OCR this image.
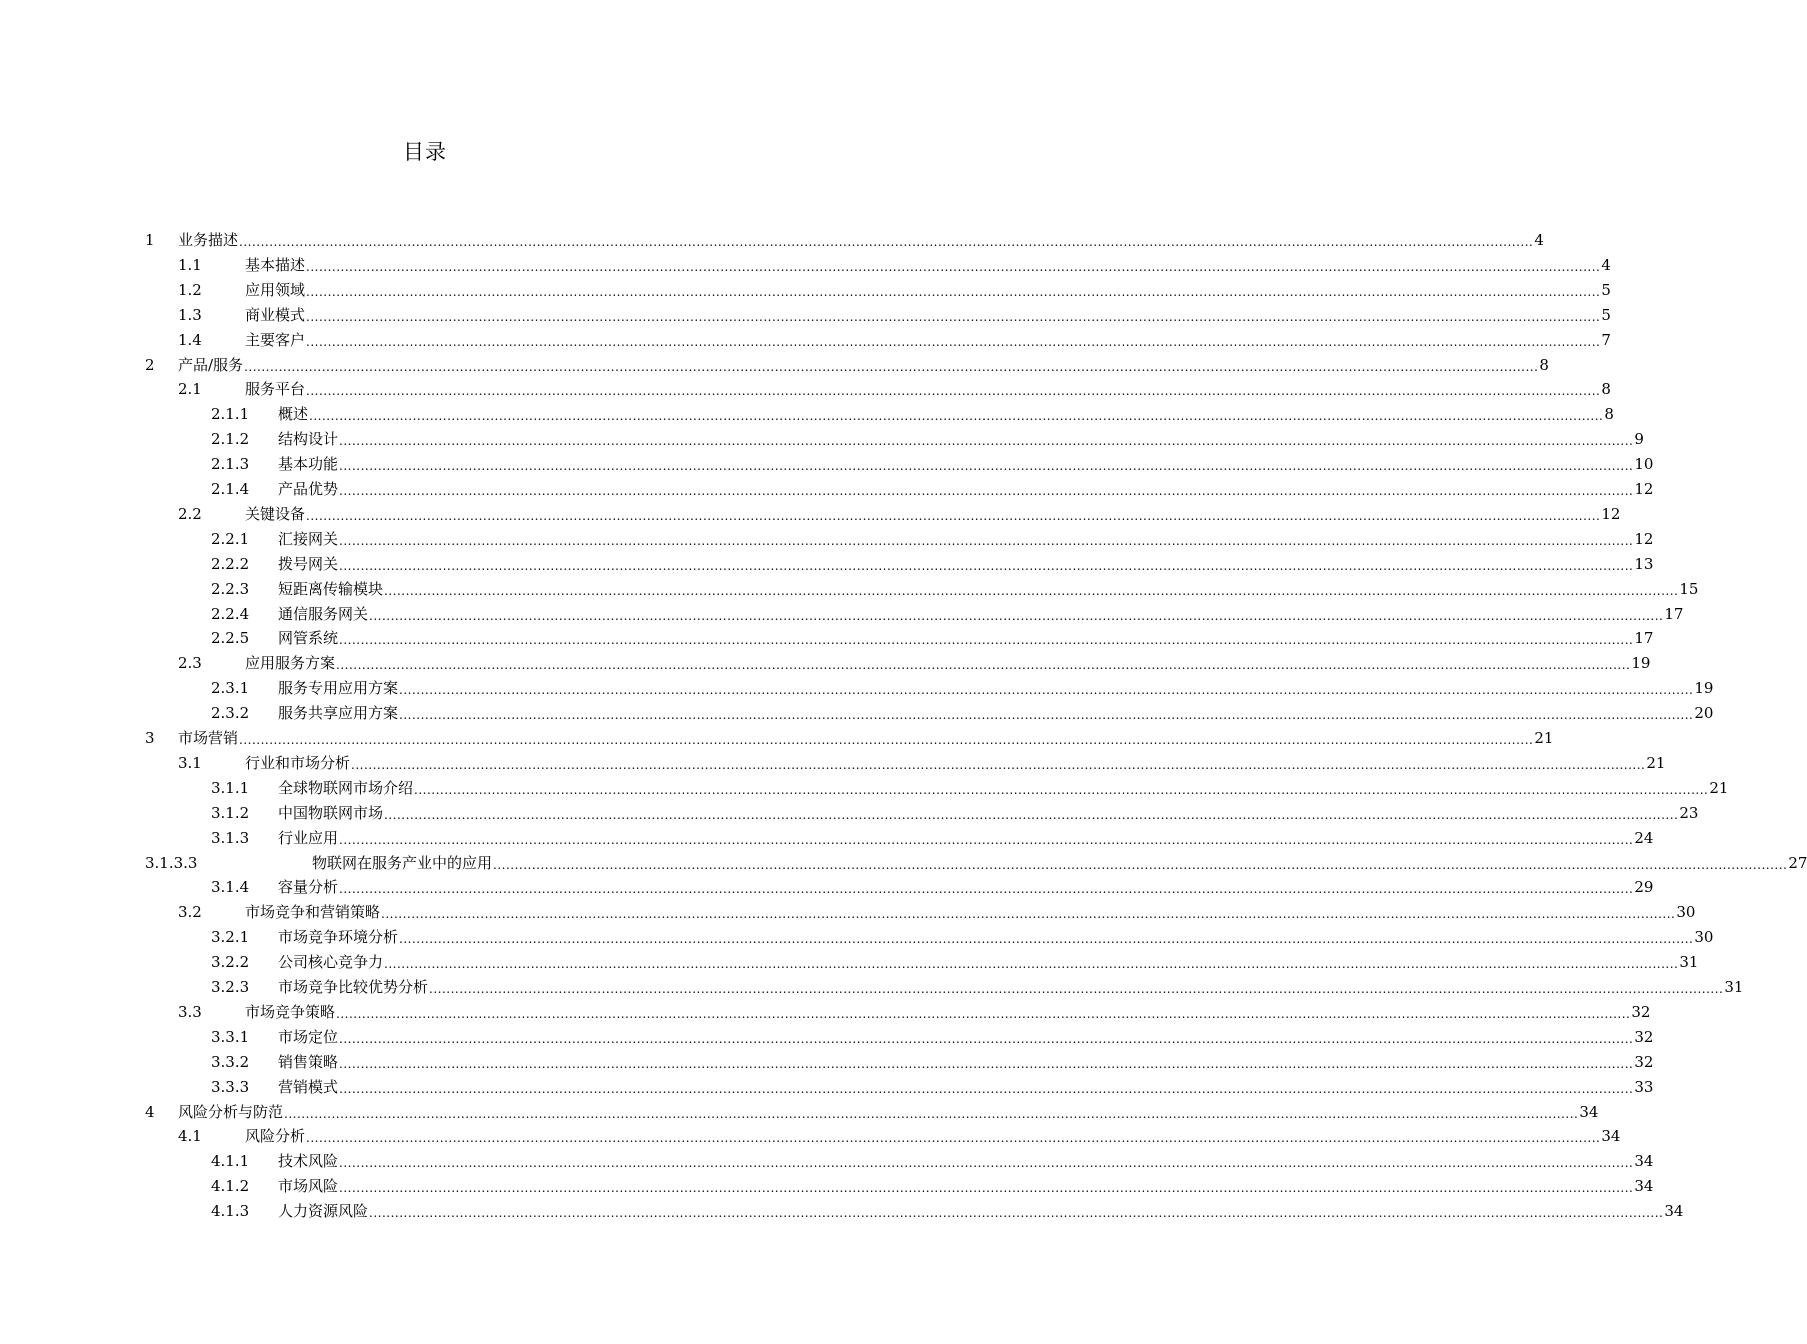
目录
1 业务描述 ............................................................................................................................................................................................................................................................................................................ 4
1.1	基本描述 ............................................................................................................................................................................................................................................................................................................ 4
1.2	应用领域 ............................................................................................................................................................................................................................................................................................................ 5
1.3	商业模式 ............................................................................................................................................................................................................................................................................................................ 5
1.4	主要客户 ............................................................................................................................................................................................................................................................................................................ 7
2 产品/服务 ............................................................................................................................................................................................................................................................................................................ 8
2.1	服务平台 ............................................................................................................................................................................................................................................................................................................ 8
2.1.1 概述 ............................................................................................................................................................................................................................................................................................................ 8
2.1.2 结构设计 ............................................................................................................................................................................................................................................................................................................ 9
2.1.3 基本功能 ............................................................................................................................................................................................................................................................................................................ 10
2.1.4 产品优势 ............................................................................................................................................................................................................................................................................................................ 12
2.2	关键设备 ............................................................................................................................................................................................................................................................................................................ 12
2.2.1 汇接网关 ............................................................................................................................................................................................................................................................................................................ 12
2.2.2 拨号网关 ............................................................................................................................................................................................................................................................................................................ 13
2.2.3 短距离传输模块 ............................................................................................................................................................................................................................................................................................................ 15
2.2.4 通信服务网关 ............................................................................................................................................................................................................................................................................................................ 17
2.2.5 网管系统 ............................................................................................................................................................................................................................................................................................................ 17
2.3	应用服务方案 ............................................................................................................................................................................................................................................................................................................ 19
2.3.1 服务专用应用方案 ............................................................................................................................................................................................................................................................................................................ 19
2.3.2 服务共享应用方案 ............................................................................................................................................................................................................................................................................................................ 20
3 市场营销 ............................................................................................................................................................................................................................................................................................................ 21
3.1	行业和市场分析 ............................................................................................................................................................................................................................................................................................................ 21
3.1.1 全球物联网市场介绍 ............................................................................................................................................................................................................................................................................................................ 21
3.1.2 中国物联网市场 ............................................................................................................................................................................................................................................................................................................ 23
3.1.3 行业应用 ............................................................................................................................................................................................................................................................................................................ 24
3.1.3.3	物联网在服务产业中的应用 ............................................................................................................................................................................................................................................................................................................ 27
3.1.4 容量分析 ............................................................................................................................................................................................................................................................................................................ 29
3.2	市场竞争和营销策略 ............................................................................................................................................................................................................................................................................................................ 30
3.2.1 市场竞争环境分析 ............................................................................................................................................................................................................................................................................................................ 30
3.2.2 公司核心竞争力 ............................................................................................................................................................................................................................................................................................................ 31
3.2.3 市场竞争比较优势分析 ............................................................................................................................................................................................................................................................................................................ 31
3.3	市场竞争策略 ............................................................................................................................................................................................................................................................................................................ 32
3.3.1 市场定位 ............................................................................................................................................................................................................................................................................................................ 32
3.3.2 销售策略 ............................................................................................................................................................................................................................................................................................................ 32
3.3.3 营销模式 ............................................................................................................................................................................................................................................................................................................ 33
4 风险分析与防范 ............................................................................................................................................................................................................................................................................................................ 34
4.1	风险分析 ............................................................................................................................................................................................................................................................................................................ 34
4.1.1 技术风险 ............................................................................................................................................................................................................................................................................................................ 34
4.1.2 市场风险 ............................................................................................................................................................................................................................................................................................................ 34
4.1.3 人力资源风险 ............................................................................................................................................................................................................................................................................................................ 34
